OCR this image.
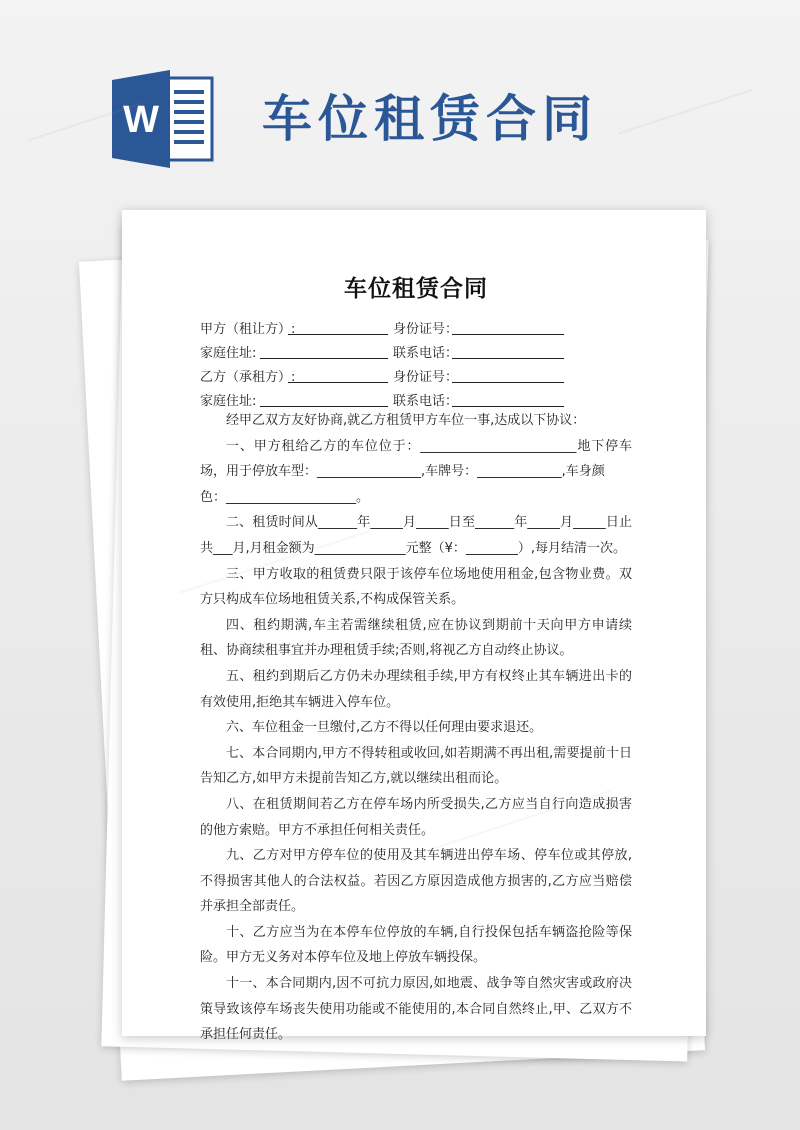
W 车位租赁合同
车位租赁合同
甲方（租让方）:	身份证号：
家庭住址:	联系电话：
乙方（承租方）:	身份证号：
家庭住址:	联系电话：

经甲乙双方友好协商,就乙方租赁甲方车位一事,达成以下协议：

一、甲方租给乙方的车位位于：________________________地下停车场，用于停放车型：________________,车牌号：_____________,车身颜

色：____________________。

二、租赁时间从______年_____月_____日至______年_____月_____日止共___月,月租金额为______________元整（¥：________）,每月结清一次。

三、甲方收取的租赁费只限于该停车位场地使用租金,包含物业费。双方只构成车位场地租赁关系,不构成保管关系。

四、租约期满,车主若需继续租赁,应在协议到期前十天向甲方申请续租、协商续租事宜并办理租赁手续;否则,将视乙方自动终止协议。

五、租约到期后乙方仍未办理续租手续,甲方有权终止其车辆进出卡的有效使用,拒绝其车辆进入停车位。

六、车位租金一旦缴付,乙方不得以任何理由要求退还。

七、本合同期内,甲方不得转租或收回,如若期满不再出租,需要提前十日告知乙方,如甲方未提前告知乙方,就以继续出租而论。

八、在租赁期间若乙方在停车场内所受损失,乙方应当自行向造成损害的他方索赔。甲方不承担任何相关责任。

九、乙方对甲方停车位的使用及其车辆进出停车场、停车位或其停放,不得损害其他人的合法权益。若因乙方原因造成他方损害的,乙方应当赔偿并承担全部责任。

十、乙方应当为在本停车位停放的车辆,自行投保包括车辆盗抢险等保险。甲方无义务对本停车位及地上停放车辆投保。

十一、本合同期内,因不可抗力原因,如地震、战争等自然灾害或政府决策导致该停车场丧失使用功能或不能使用的,本合同自然终止,甲、乙双方不承担任何责任。
